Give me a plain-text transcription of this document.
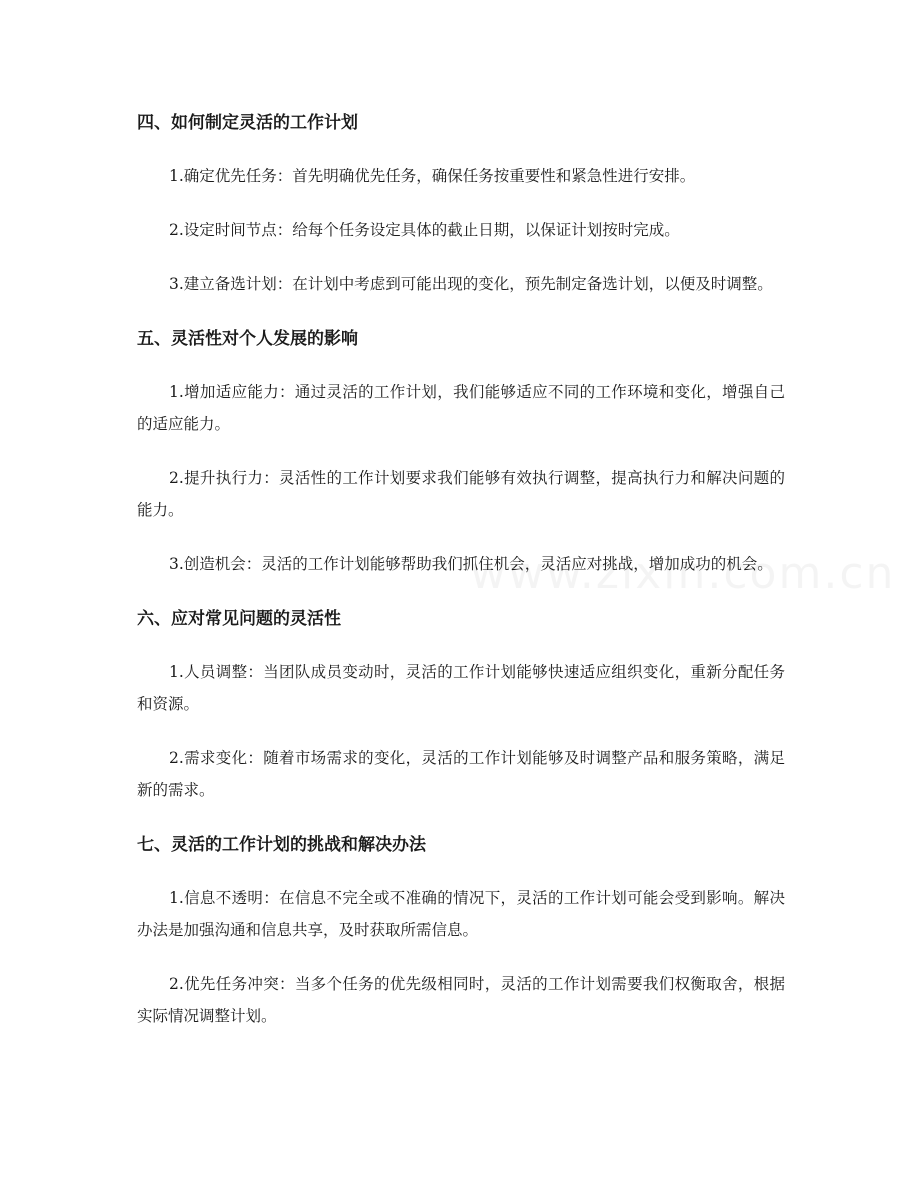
四、如何制定灵活的工作计划

1.确定优先任务：首先明确优先任务，确保任务按重要性和紧急性进行安排。

2.设定时间节点：给每个任务设定具体的截止日期，以保证计划按时完成。

3.建立备选计划：在计划中考虑到可能出现的变化，预先制定备选计划，以便及时调整。

五、灵活性对个人发展的影响

1.增加适应能力：通过灵活的工作计划，我们能够适应不同的工作环境和变化，增强自己的适应能力。

2.提升执行力：灵活性的工作计划要求我们能够有效执行调整，提高执行力和解决问题的能力。

3.创造机会：灵活的工作计划能够帮助我们抓住机会，灵活应对挑战，增加成功的机会。

六、应对常见问题的灵活性

1.人员调整：当团队成员变动时，灵活的工作计划能够快速适应组织变化，重新分配任务和资源。

2.需求变化：随着市场需求的变化，灵活的工作计划能够及时调整产品和服务策略，满足新的需求。

七、灵活的工作计划的挑战和解决办法

1.信息不透明：在信息不完全或不准确的情况下，灵活的工作计划可能会受到影响。解决办法是加强沟通和信息共享，及时获取所需信息。

2.优先任务冲突：当多个任务的优先级相同时，灵活的工作计划需要我们权衡取舍，根据实际情况调整计划。
